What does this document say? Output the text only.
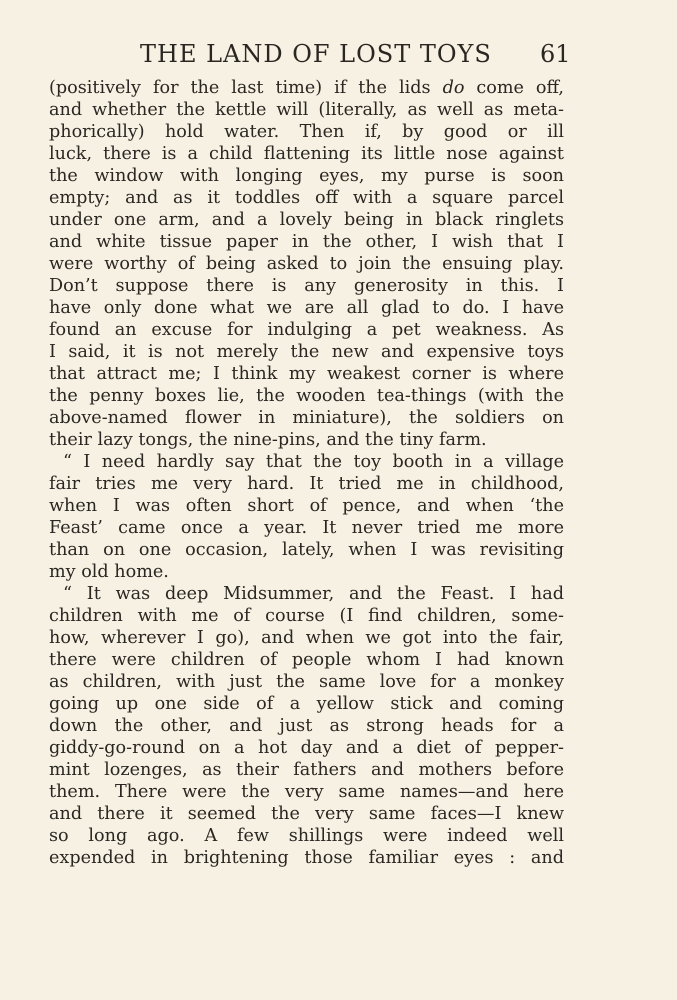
THE LAND OF LOST TOYS 61
(positively for the last time) if the lids do come off,
and whether the kettle will (literally, as well as meta-
phorically) hold water. Then if, by good or ill
luck, there is a child flattening its little nose against
the window with longing eyes, my purse is soon
empty; and as it toddles off with a square parcel
under one arm, and a lovely being in black ringlets
and white tissue paper in the other, I wish that I
were worthy of being asked to join the ensuing play.
Don’t suppose there is any generosity in this. I
have only done what we are all glad to do. I have
found an excuse for indulging a pet weakness. As
I said, it is not merely the new and expensive toys
that attract me; I think my weakest corner is where
the penny boxes lie, the wooden tea-things (with the
above-named flower in miniature), the soldiers on
their lazy tongs, the nine-pins, and the tiny farm.
“ I need hardly say that the toy booth in a village
fair tries me very hard. It tried me in childhood,
when I was often short of pence, and when ‘the
Feast’ came once a year. It never tried me more
than on one occasion, lately, when I was revisiting
my old home.
“ It was deep Midsummer, and the Feast. I had
children with me of course (I find children, some-
how, wherever I go), and when we got into the fair,
there were children of people whom I had known
as children, with just the same love for a monkey
going up one side of a yellow stick and coming
down the other, and just as strong heads for a
giddy-go-round on a hot day and a diet of pepper-
mint lozenges, as their fathers and mothers before
them. There were the very same names—and here
and there it seemed the very same faces—I knew
so long ago. A few shillings were indeed well
expended in brightening those familiar eyes : and
